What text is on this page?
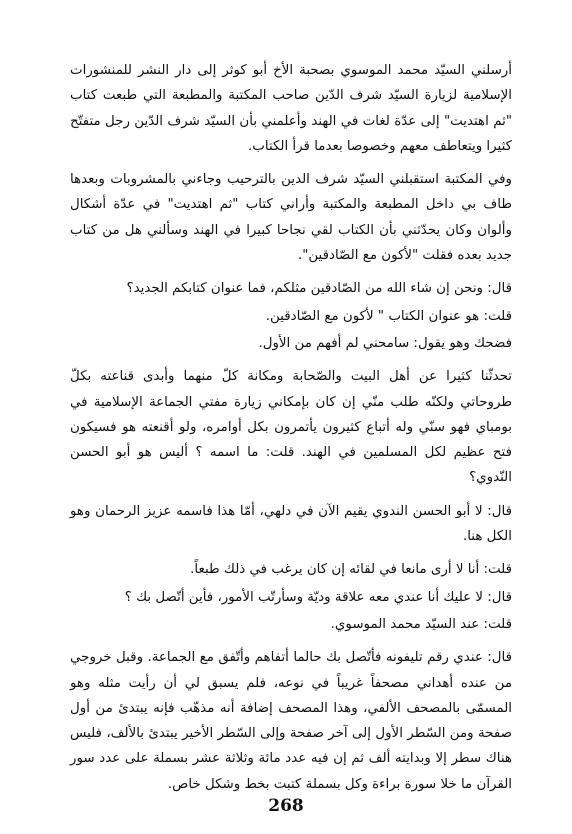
أرسلني السيّد محمد الموسوي بصحبة الأخ أبو كوثر إلى دار النشر للمنشورات الإسلامية لزيارة السيّد شرف الدّين صاحب المكتبة والمطبعة التي طبعت كتاب "ثم اهتديت" إلى عدّة لغات في الهند وأعلمني بأن السيّد شرف الدّين رجل متفتّح كثيرا ويتعاطف معهم وخصوصا بعدما قرأ الكتاب.

وفي المكتبة استقبلني السيّد شرف الدين بالترحيب وجاءني بالمشروبات وبعدها طاف بي داخل المطبعة والمكتبة وأراني كتاب "ثم اهتديت" في عدّة أشكال وألوان وكان يحدّثني بأن الكتاب لقي نجاحا كبيرا في الهند وسألني هل من كتاب جديد بعده فقلت "لأكون مع الصّادقين".

قال: ونحن إن شاء الله من الصّادقين مثلكم، فما عنوان كتابكم الجديد؟

قلت: هو عنوان الكتاب " لأكون مع الصّادقين.

فضحك وهو يقول: سامحني لم أفهم من الأول.

تحدثّنا كثيرا عن أهل البيت والصّحابة ومكانة كلّ منهما وأبدى قناعته بكلّ طروحاتي ولكنّه طلب منّي إن كان بإمكاني زيارة مفتي الجماعة الإسلامية في بومباي فهو سنّي وله أتباع كثيرون يأتمرون بكل أوامره، ولو أقنعته هو فسيكون فتح عظيم لكل المسلمين في الهند. قلت: ما اسمه ؟ أليس هو أبو الحسن النّدوي؟

قال: لا أبو الحسن الندوي يقيم الآن في دلهي، أمّا هذا فاسمه عزيز الرحمان وهو الكل هنا.

قلت: أنا لا أرى مانعا في لقائه إن كان يرغب في ذلك طبعاً.

قال: لا عليك أنا عندي معه علاقة وديّة وسأرتّب الأمور، فأين أتّصل بك ؟

قلت: عند السيّد محمد الموسوي.

قال: عندي رقم تليفونه فأتّصل بك حالما أتفاهم وأتّفق مع الجماعة. وقبل خروجي من عنده أهداني مصحفاً غريباً في نوعه، فلم يسبق لي أن رأيت مثله وهو المسمّى بالمصحف الألفي، وهذا المصحف إضافة أنه مذهّب فإنه يبتدئ من أول صفحة ومن السّطر الأول إلى آخر صفحة وإلى السّطر الأخير يبتدئ بالألف، فليس هناك سطر إلا وبدايته ألف ثم إن فيه عدد مائة وثلاثة عشر بسملة على عدد سور القرآن ما خلا سورة براءة وكل بسملة كتبت بخط وشكل خاص.

268
